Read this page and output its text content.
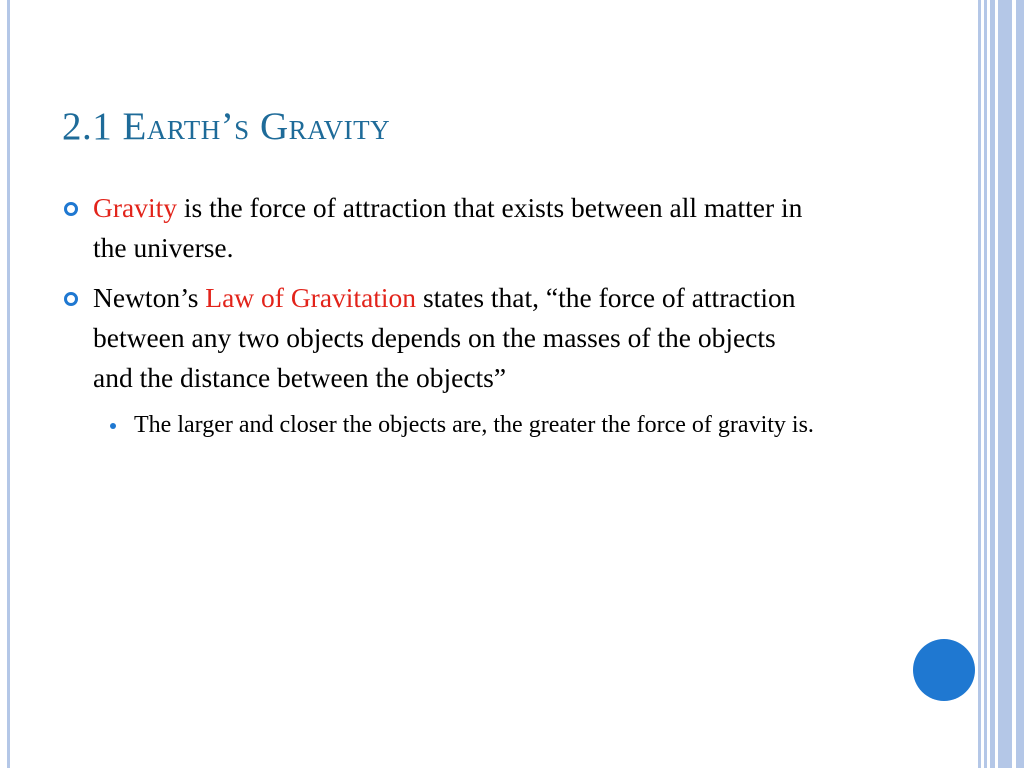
2.1 Earth’s Gravity
Gravity is the force of attraction that exists between all matter in the universe.
Newton’s Law of Gravitation states that, “the force of attraction between any two objects depends on the masses of the objects and the distance between the objects”
The larger and closer the objects are, the greater the force of gravity is.
